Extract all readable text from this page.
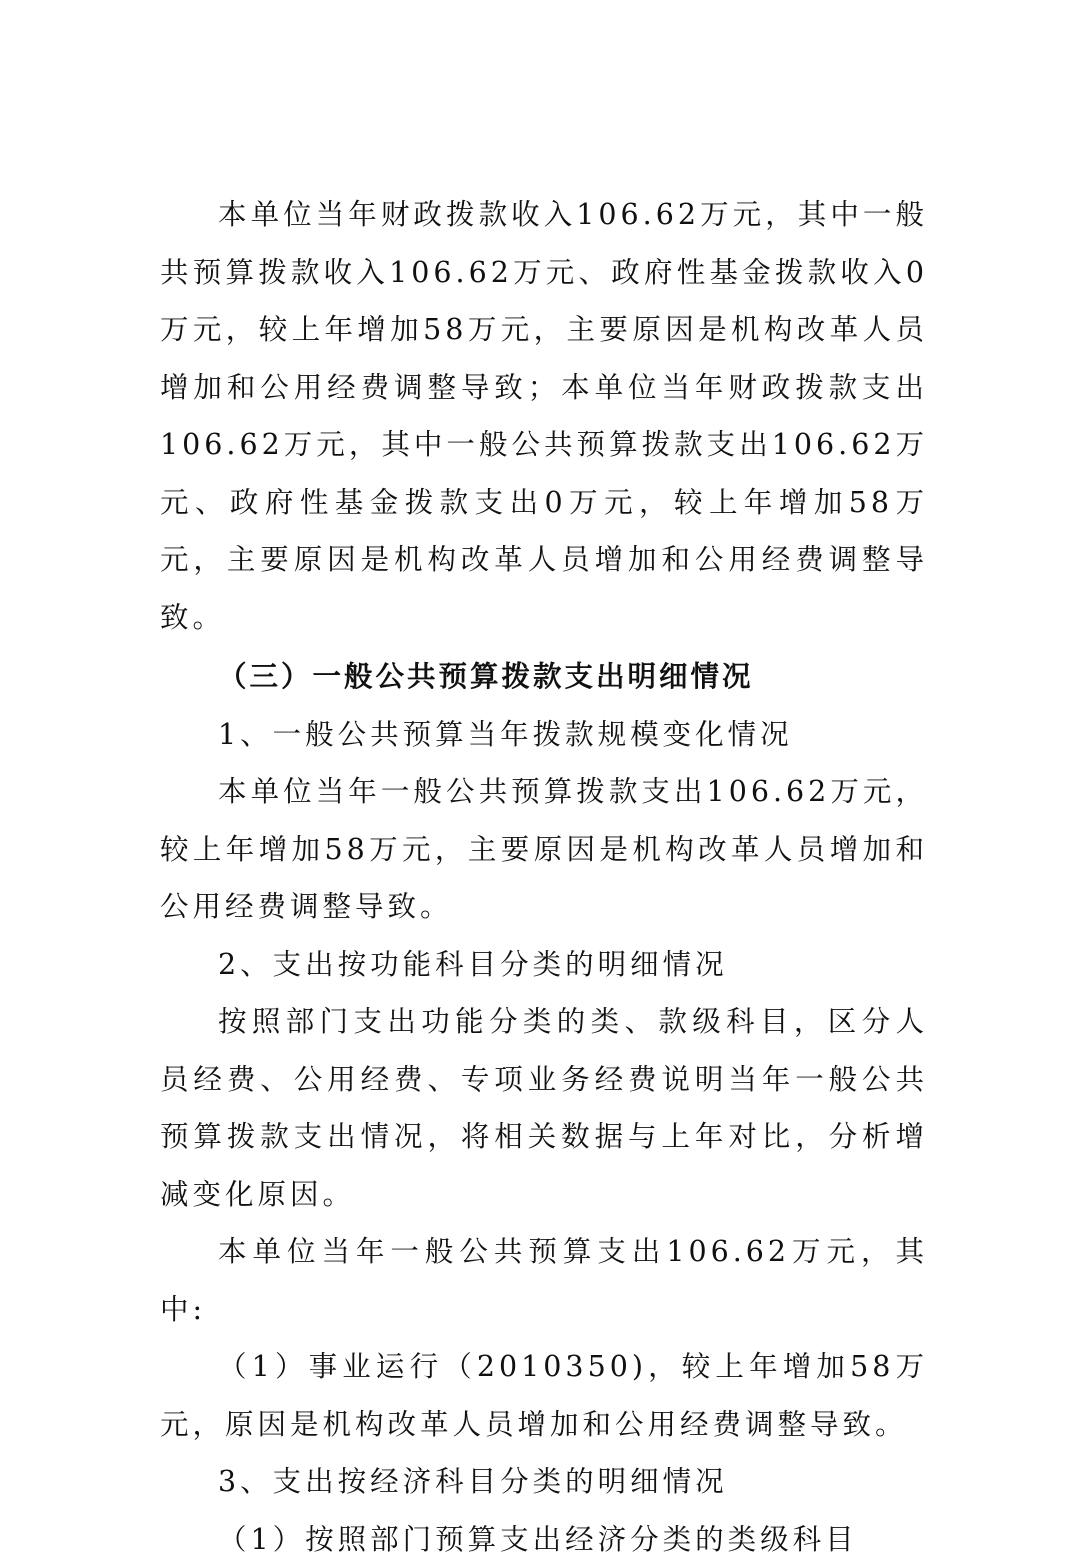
本单位当年财政拨款收入106.62万元，其中一般共预算拨款收入106.62万元、政府性基金拨款收入0万元，较上年增加58万元，主要原因是机构改革人员增加和公用经费调整导致；本单位当年财政拨款支出106.62万元，其中一般公共预算拨款支出106.62万元、政府性基金拨款支出0万元，较上年增加58万元，主要原因是机构改革人员增加和公用经费调整导致。

（三）一般公共预算拨款支出明细情况

1、一般公共预算当年拨款规模变化情况

本单位当年一般公共预算拨款支出106.62万元，较上年增加58万元，主要原因是机构改革人员增加和公用经费调整导致。

2、支出按功能科目分类的明细情况

按照部门支出功能分类的类、款级科目，区分人员经费、公用经费、专项业务经费说明当年一般公共预算拨款支出情况，将相关数据与上年对比，分析增减变化原因。

本单位当年一般公共预算支出106.62万元，其中:

（1）事业运行（2010350)，较上年增加58万元，原因是机构改革人员增加和公用经费调整导致。

3、支出按经济科目分类的明细情况

（1）按照部门预算支出经济分类的类级科目
